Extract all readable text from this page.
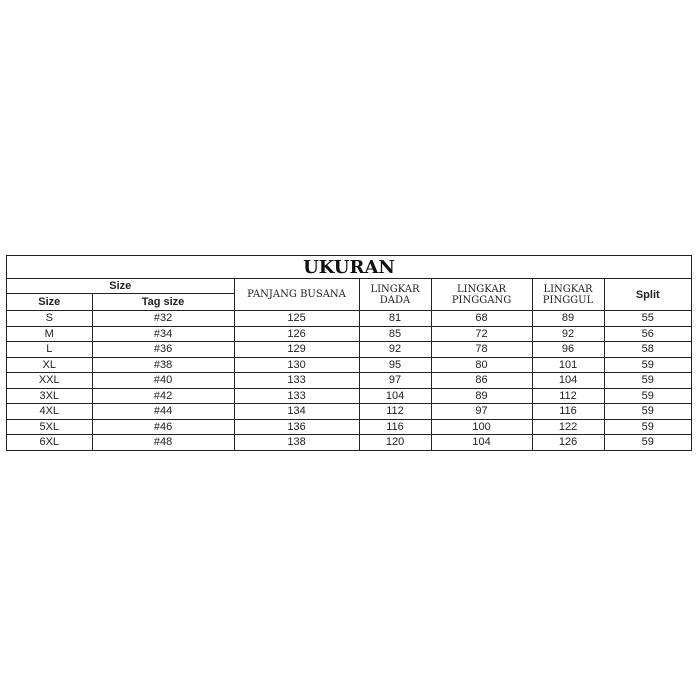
UKURAN
Size		PANJANG BUSANA	LINGKAR DADA	LINGKAR PINGGANG	LINGKAR PINGGUL	Split
Size	Tag size					
S	#32	125	81	68	89	55
M	#34	126	85	72	92	56
L	#36	129	92	78	96	58
XL	#38	130	95	80	101	59
XXL	#40	133	97	86	104	59
3XL	#42	133	104	89	112	59
4XL	#44	134	112	97	116	59
5XL	#46	136	116	100	122	59
6XL	#48	138	120	104	126	59
